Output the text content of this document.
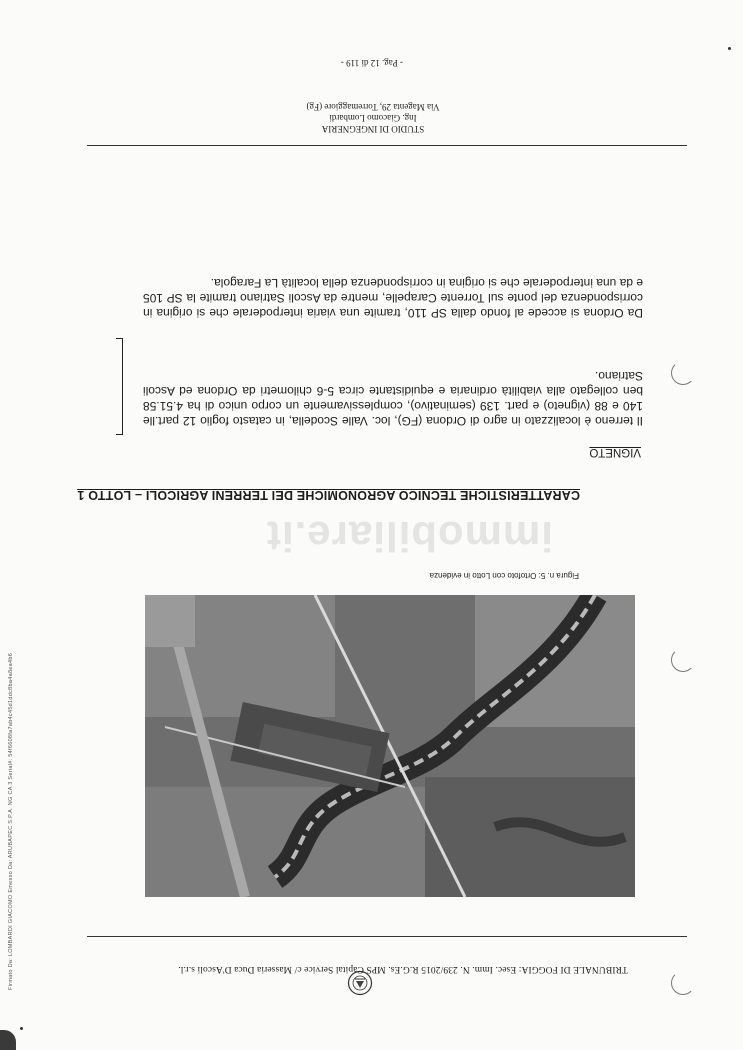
TRIBUNALE DI FOGGIA: Esec. Imm. N. 239/2015 R.G.Es. MPS Capital Service c/ Masseria Duca D'Ascoli s.r.l.
Figura n. 5: Ortofoto con Lotto in evidenza
immobiliare.it
CARATTERISTICHE TECNICO AGRONOMICHE DEI TERRENI AGRICOLI – LOTTO 1
VIGNETO
Il terreno è localizzato in agro di Ordona (FG), loc. Valle Scodella, in catasto foglio 12 part.lle 140 e 88 (vigneto) e part. 139 (seminativo), complessivamente un corpo unico di ha 4.51.58 ben collegato alla viabilità ordinaria e equidistante circa 5-6 chilometri da Ordona ed Ascoli Satriano.
Da Ordona si accede al fondo dalla SP 110, tramite una viaria interpoderale che si origina in corrispondenza del ponte sul Torrente Carapelle, mentre da Ascoli Satriano tramite la SP 105 e da una interpoderale che si origina in corrispondenza della località La Faragola.
STUDIO DI INGEGNERIA
Ing. Giacomo Lombardi
Via Magenta 29, Torremaggiore (Fg)
- Pag. 12 di 119 -
Firmato Da: LOMBARDI GIACOMO Emesso Da: ARUBAPEC S.P.A. NG CA 3 Serial#: 54f6608fa7ab4c45d1ddc8ba4a8ea4b6
